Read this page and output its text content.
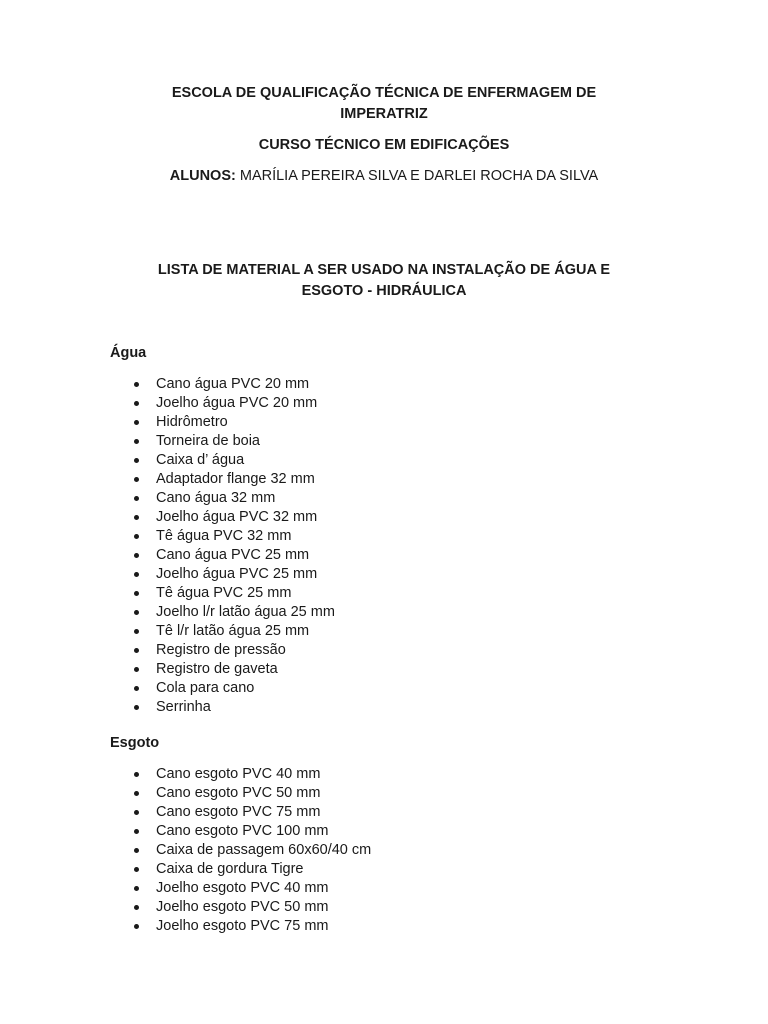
ESCOLA DE QUALIFICAÇÃO TÉCNICA DE ENFERMAGEM DE
IMPERATRIZ
CURSO TÉCNICO EM EDIFICAÇÕES
ALUNOS: MARÍLIA PEREIRA SILVA E DARLEI ROCHA DA SILVA
LISTA DE MATERIAL A SER USADO NA INSTALAÇÃO DE ÁGUA E
ESGOTO - HIDRÁULICA
Água
Cano água PVC 20 mm
Joelho água PVC 20 mm
Hidrômetro
Torneira de boia
Caixa d’ água
Adaptador flange 32 mm
Cano água 32 mm
Joelho água PVC 32 mm
Tê água PVC 32 mm
Cano água PVC 25 mm
Joelho água PVC 25 mm
Tê água PVC 25 mm
Joelho l/r latão água 25 mm
Tê l/r latão água 25 mm
Registro de pressão
Registro de gaveta
Cola para cano
Serrinha
Esgoto
Cano esgoto PVC 40 mm
Cano esgoto PVC 50 mm
Cano esgoto PVC 75 mm
Cano esgoto PVC 100 mm
Caixa de passagem 60x60/40 cm
Caixa de gordura Tigre
Joelho esgoto PVC 40 mm
Joelho esgoto PVC 50 mm
Joelho esgoto PVC 75 mm
